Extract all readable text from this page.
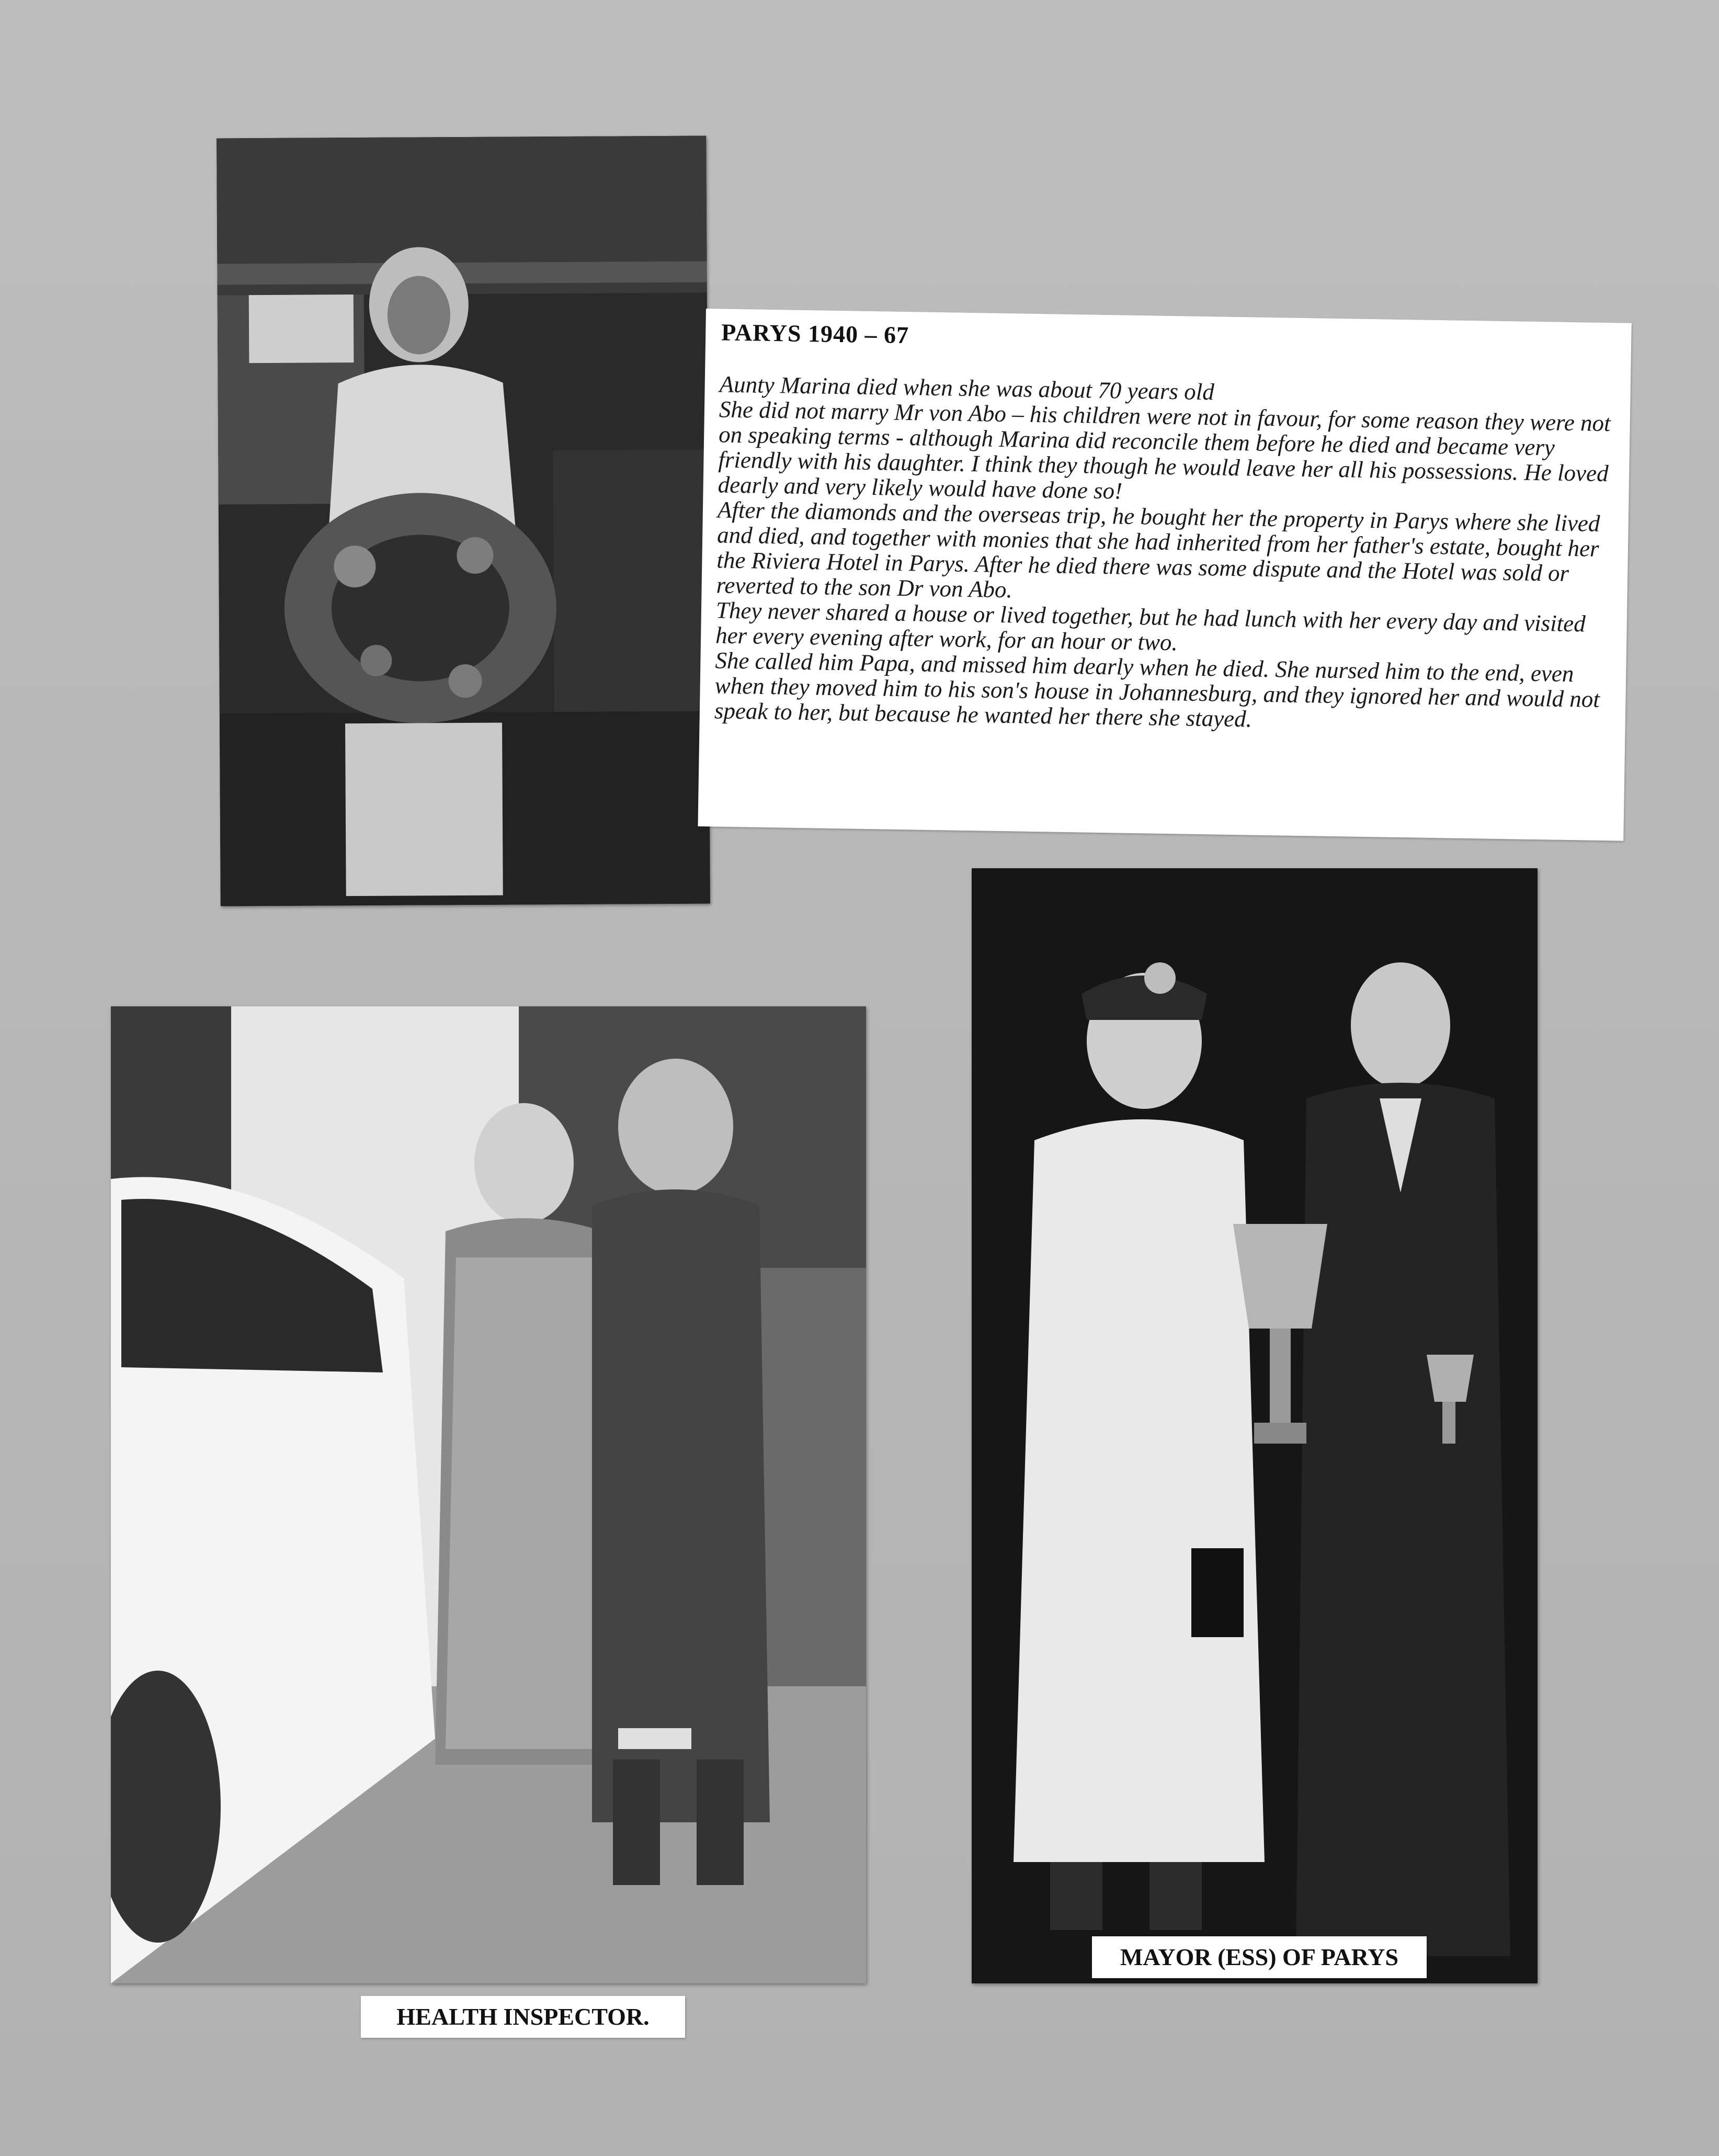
PARYS 1940 – 67

Aunty Marina died when she was about 70 years old

She did not marry Mr von Abo – his children were not in favour, for some reason they were not on speaking terms - although Marina did reconcile them before he died and became very friendly with his daughter. I think they though he would leave her all his possessions. He loved dearly and very likely would have done so!

After the diamonds and the overseas trip, he bought her the property in Parys where she lived and died, and together with monies that she had inherited from her father's estate, bought her the Riviera Hotel in Parys. After he died there was some dispute and the Hotel was sold or reverted to the son Dr von Abo.

They never shared a house or lived together, but he had lunch with her every day and visited her every evening after work, for an hour or two.

She called him Papa, and missed him dearly when he died. She nursed him to the end, even when they moved him to his son's house in Johannesburg, and they ignored her and would not speak to her, but because he wanted her there she stayed.

HEALTH INSPECTOR.
MAYOR (ESS) OF PARYS
